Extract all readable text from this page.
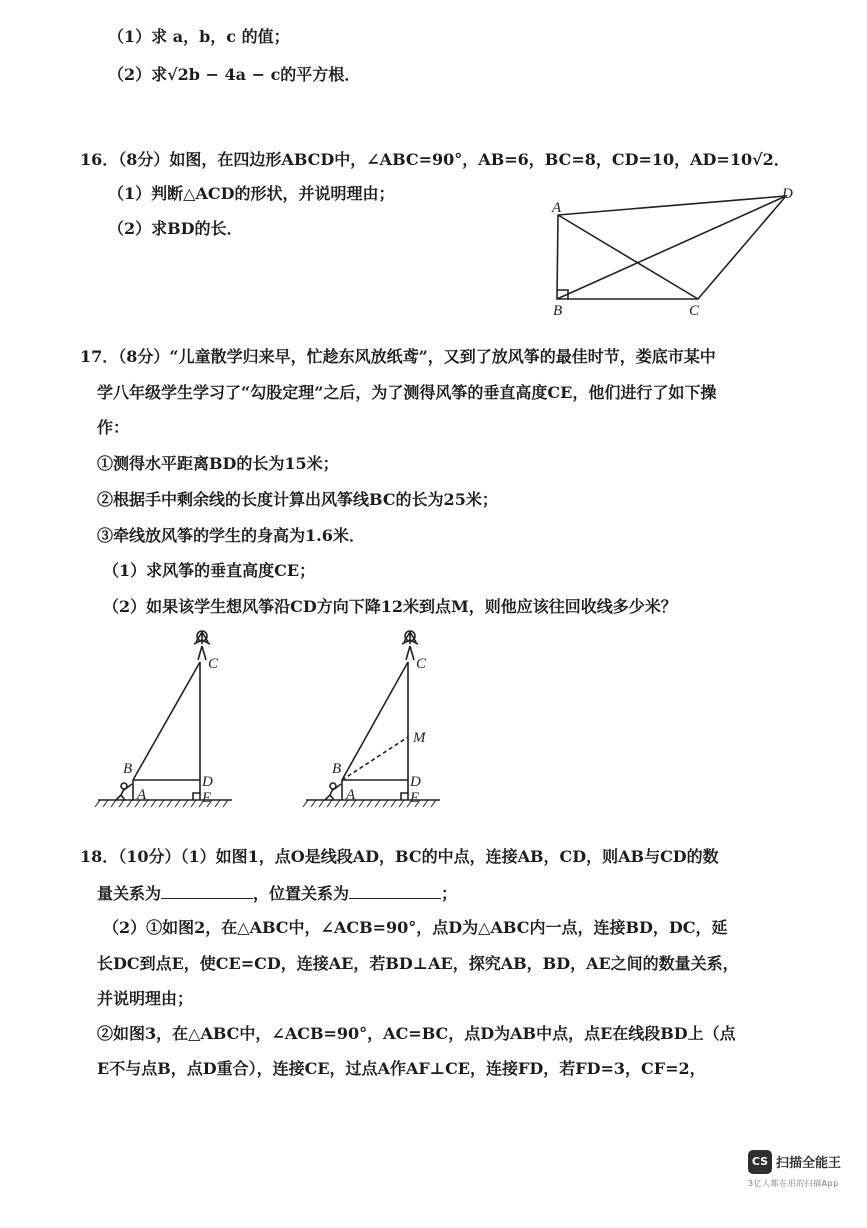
（1）求 a，b，c 的值；
（2）求√2b − 4a − c的平方根．
16．（8分）如图，在四边形ABCD中，∠ABC=90°，AB=6，BC=8，CD=10，AD=10√2．
（1）判断△ACD的形状，并说明理由；
（2）求BD的长．
A
D
B	C
17．（8分）“儿童散学归来早，忙趁东风放纸鸢”，又到了放风筝的最佳时节，娄底市某中
学八年级学生学习了“勾股定理”之后，为了测得风筝的垂直高度CE，他们进行了如下操
作：
①测得水平距离BD的长为15米；
②根据手中剩余线的长度计算出风筝线BC的长为25米；
③牵线放风筝的学生的身高为1.6米．
（1）求风筝的垂直高度CE；
（2）如果该学生想风筝沿CD方向下降12米到点M，则他应该往回收线多少米？
B
A
C
D
E
B
A
C
M
D
E
18．（10分）（1）如图1，点O是线段AD，BC的中点，连接AB，CD，则AB与CD的数
量关系为	，位置关系为	；
（2）①如图2，在△ABC中，∠ACB=90°，点D为△ABC内一点，连接BD，DC，延
长DC到点E，使CE=CD，连接AE，若BD⊥AE，探究AB，BD，AE之间的数量关系，
并说明理由；
②如图3，在△ABC中，∠ACB=90°，AC=BC，点D为AB中点，点E在线段BD上（点
E不与点B，点D重合），连接CE，过点A作AF⊥CE，连接FD，若FD=3，CF=2，
CS 扫描全能王
3亿人都在用的扫描App
